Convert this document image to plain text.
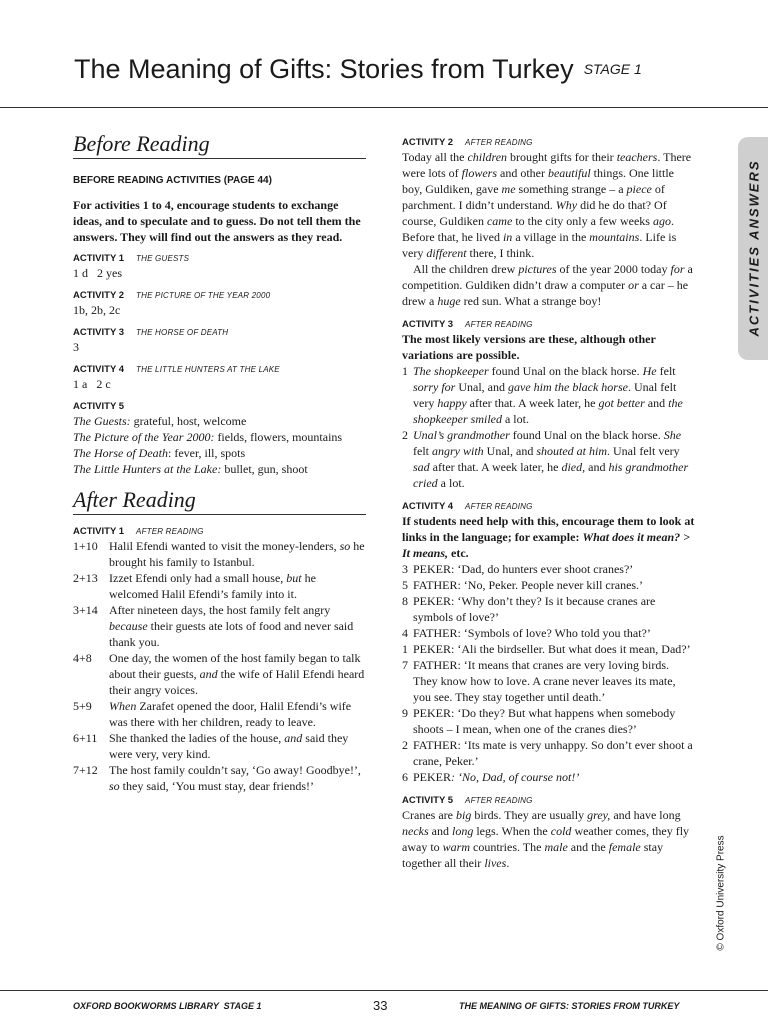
The Meaning of Gifts: Stories from Turkey STAGE 1
ACTIVITIES ANSWERS
Before Reading
BEFORE READING ACTIVITIES (PAGE 44)
For activities 1 to 4, encourage students to exchange ideas, and to speculate and to guess. Do not tell them the answers. They will find out the answers as they read.
ACTIVITY 1 THE GUESTS
1 d   2 yes
ACTIVITY 2 THE PICTURE OF THE YEAR 2000
1b, 2b, 2c
ACTIVITY 3 THE HORSE OF DEATH
3
ACTIVITY 4 THE LITTLE HUNTERS AT THE LAKE
1 a   2 c
ACTIVITY 5
The Guests: grateful, host, welcome
The Picture of the Year 2000: fields, flowers, mountains
The Horse of Death: fever, ill, spots
The Little Hunters at the Lake: bullet, gun, shoot
After Reading
ACTIVITY 1 AFTER READING
1+10 Halil Efendi wanted to visit the money-lenders, so he brought his family to Istanbul.
2+13 Izzet Efendi only had a small house, but he welcomed Halil Efendi’s family into it.
3+14 After nineteen days, the host family felt angry because their guests ate lots of food and never said thank you.
4+8	One day, the women of the host family began to talk about their guests, and the wife of Halil Efendi heard their angry voices.
5+9	When Zarafet opened the door, Halil Efendi’s wife was there with her children, ready to leave.
6+11 She thanked the ladies of the house, and said they were very, very kind.
7+12 The host family couldn’t say, ‘Go away! Goodbye!’, so they said, ‘You must stay, dear friends!’
ACTIVITY 2 AFTER READING
Today all the children brought gifts for their teachers. There were lots of flowers and other beautiful things. One little boy, Guldiken, gave me something strange – a piece of parchment. I didn’t understand. Why did he do that? Of course, Guldiken came to the city only a few weeks ago. Before that, he lived in a village in the mountains. Life is very different there, I think.
All the children drew pictures of the year 2000 today for a competition. Guldiken didn’t draw a computer or a car – he drew a huge red sun. What a strange boy!
ACTIVITY 3 AFTER READING
The most likely versions are these, although other variations are possible.
1 The shopkeeper found Unal on the black horse. He felt sorry for Unal, and gave him the black horse. Unal felt very happy after that. A week later, he got better and the shopkeeper smiled a lot.
2 Unal’s grandmother found Unal on the black horse. She felt angry with Unal, and shouted at him. Unal felt very sad after that. A week later, he died, and his grandmother cried a lot.
ACTIVITY 4 AFTER READING
If students need help with this, encourage them to look at links in the language; for example: What does it mean? > It means, etc.
3 PEKER: ‘Dad, do hunters ever shoot cranes?’
5 FATHER: ‘No, Peker. People never kill cranes.’
8 PEKER: ‘Why don’t they? Is it because cranes are symbols of love?’
4 FATHER: ‘Symbols of love? Who told you that?’
1 PEKER: ‘Ali the birdseller. But what does it mean, Dad?’
7 FATHER: ‘It means that cranes are very loving birds. They know how to love. A crane never leaves its mate, you see. They stay together until death.’
9 PEKER: ‘Do they? But what happens when somebody shoots – I mean, when one of the cranes dies?’
2 FATHER: ‘Its mate is very unhappy. So don’t ever shoot a crane, Peker.’
6 PEKER: ‘No, Dad, of course not!’
ACTIVITY 5 AFTER READING
Cranes are big birds. They are usually grey, and have long necks and long legs. When the cold weather comes, they fly away to warm countries. The male and the female stay together all their lives.	© Oxford University Press
OXFORD BOOKWORMS LIBRARY  STAGE 1	33	THE MEANING OF GIFTS: STORIES FROM TURKEY
